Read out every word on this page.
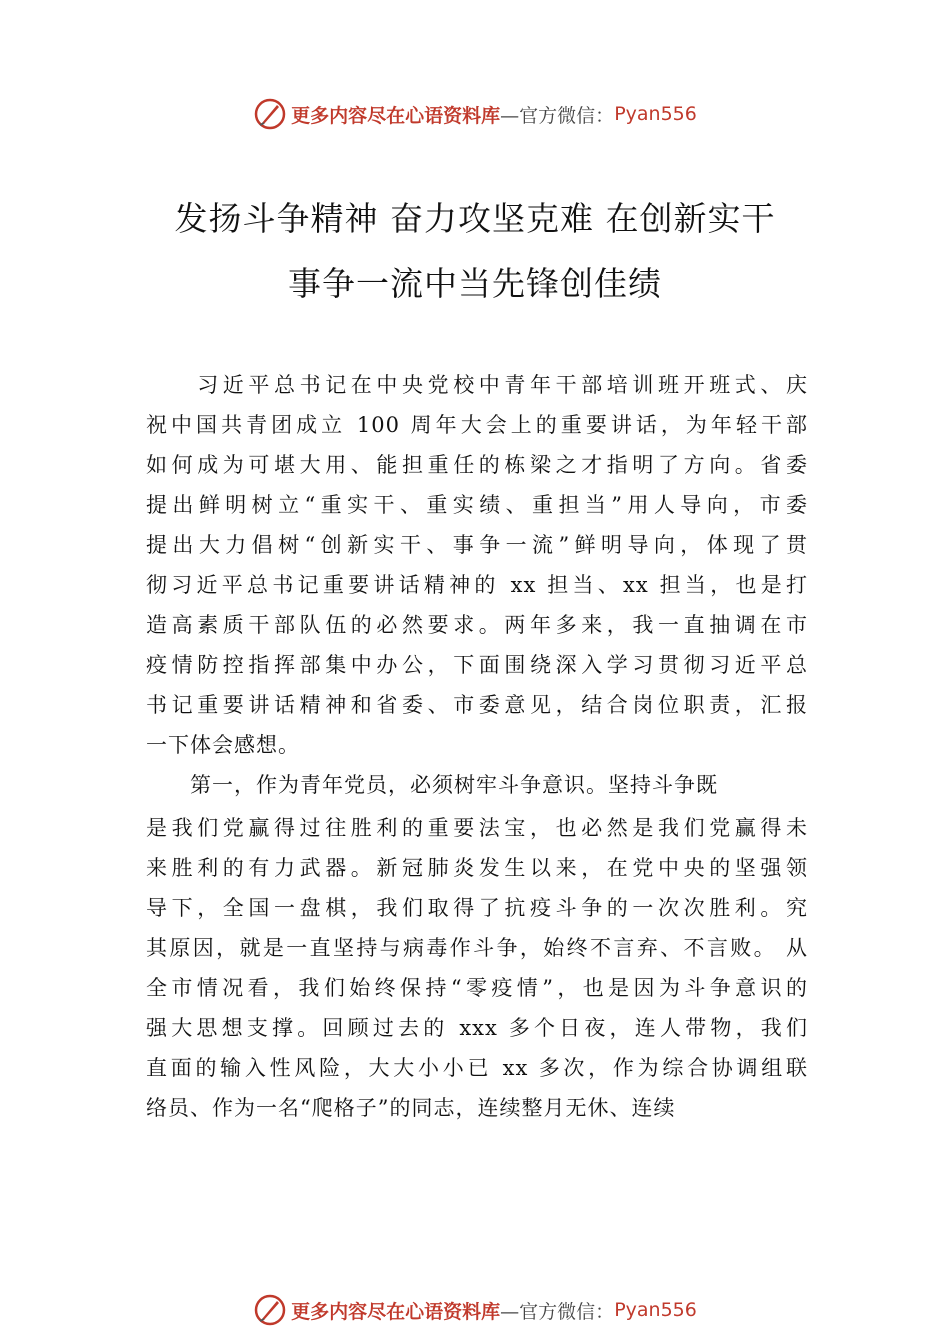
更多内容尽在心语资料库 —官方微信： Pyan556
发扬斗争精神 奋力攻坚克难 在创新实干
事争一流中当先锋创佳绩
　　习近平总书记在中央党校中青年干部培训班开班式、庆
祝中国共青团成立 100 周年大会上的重要讲话，为年轻干部
如何成为可堪大用、能担重任的栋梁之才指明了方向。省委
提出鲜明树立“重实干、重实绩、重担当”用人导向，市委
提出大力倡树“创新实干、事争一流”鲜明导向，体现了贯
彻习近平总书记重要讲话精神的 xx 担当、xx 担当，也是打
造高素质干部队伍的必然要求。两年多来，我一直抽调在市
疫情防控指挥部集中办公，下面围绕深入学习贯彻习近平总
书记重要讲话精神和省委、市委意见，结合岗位职责，汇报
一下体会感想。
　　第一，作为青年党员，必须树牢斗争意识。坚持斗争既
是我们党赢得过往胜利的重要法宝，也必然是我们党赢得未
来胜利的有力武器。新冠肺炎发生以来，在党中央的坚强领
导下，全国一盘棋，我们取得了抗疫斗争的一次次胜利。究
其原因，就是一直坚持与病毒作斗争，始终不言弃、不言败。 从
全市情况看，我们始终保持“零疫情”，也是因为斗争意识的
强大思想支撑。回顾过去的 xxx 多个日夜，连人带物，我们
直面的输入性风险，大大小小已 xx 多次，作为综合协调组联
络员、作为一名“爬格子”的同志，连续整月无休、连续
更多内容尽在心语资料库 —官方微信： Pyan556
